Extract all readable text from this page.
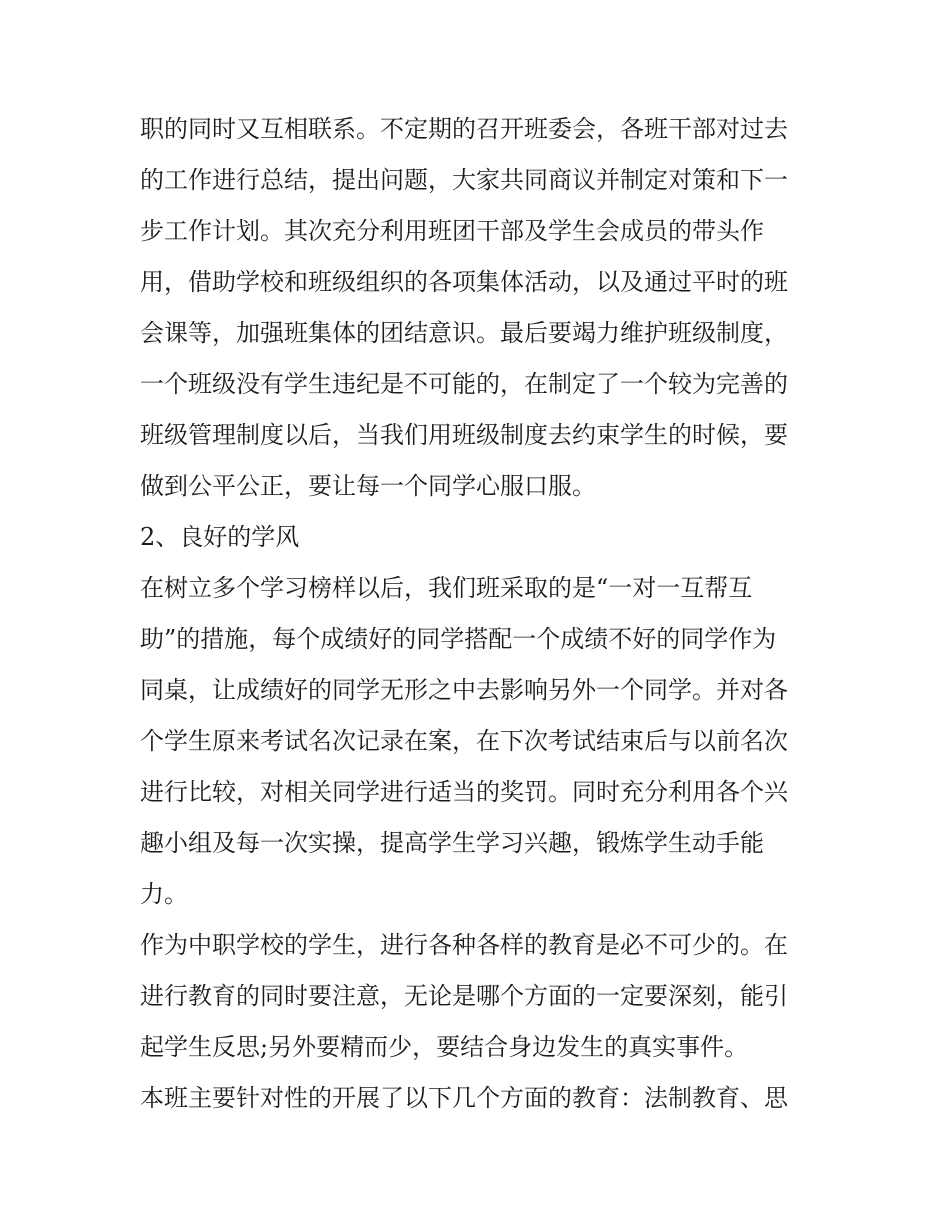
职的同时又互相联系。不定期的召开班委会，各班干部对过去
的工作进行总结，提出问题，大家共同商议并制定对策和下一
步工作计划。其次充分利用班团干部及学生会成员的带头作
用，借助学校和班级组织的各项集体活动，以及通过平时的班
会课等，加强班集体的团结意识。最后要竭力维护班级制度，
一个班级没有学生违纪是不可能的，在制定了一个较为完善的
班级管理制度以后，当我们用班级制度去约束学生的时候，要
做到公平公正，要让每一个同学心服口服。
2、良好的学风
在树立多个学习榜样以后，我们班采取的是“一对一互帮互
助”的措施，每个成绩好的同学搭配一个成绩不好的同学作为
同桌，让成绩好的同学无形之中去影响另外一个同学。并对各
个学生原来考试名次记录在案，在下次考试结束后与以前名次
进行比较，对相关同学进行适当的奖罚。同时充分利用各个兴
趣小组及每一次实操，提高学生学习兴趣，锻炼学生动手能
力。
作为中职学校的学生，进行各种各样的教育是必不可少的。在
进行教育的同时要注意，无论是哪个方面的一定要深刻，能引
起学生反思;另外要精而少，要结合身边发生的真实事件。
本班主要针对性的开展了以下几个方面的教育：法制教育、思
